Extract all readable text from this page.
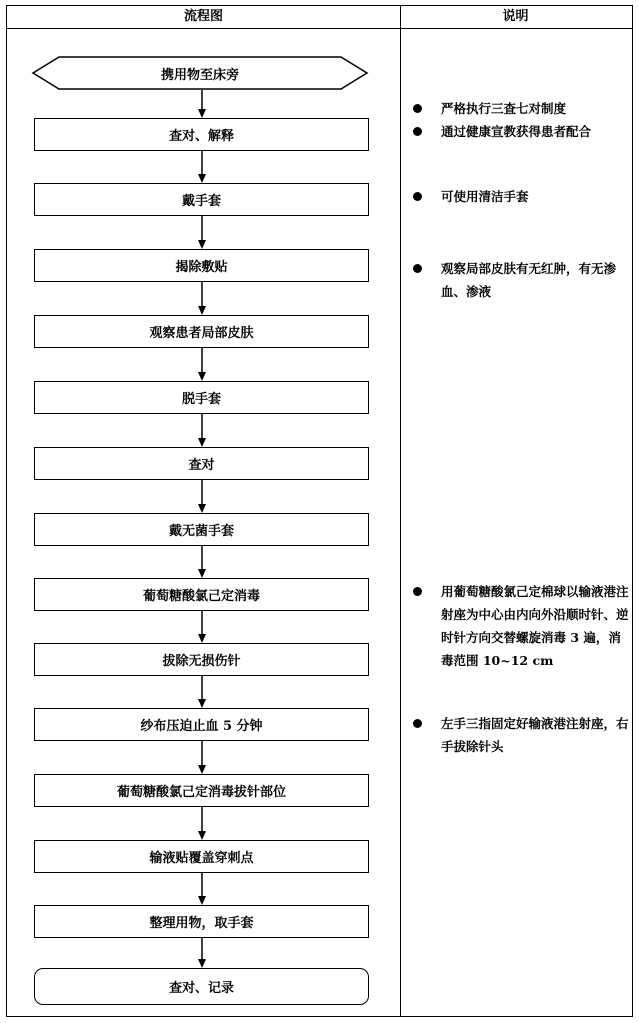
流程图	说明
携用物至床旁
查对、解释
戴手套
揭除敷贴
观察患者局部皮肤
脱手套
查对
戴无菌手套
葡萄糖酸氯己定消毒
拔除无损伤针
纱布压迫止血 5 分钟
葡萄糖酸氯己定消毒拔针部位
输液贴覆盖穿刺点
整理用物，取手套
查对、记录
严格执行三查七对制度
通过健康宣教获得患者配合
可使用清洁手套
观察局部皮肤有无红肿，有无渗血、渗液
用葡萄糖酸氯己定棉球以输液港注射座为中心由内向外沿顺时针、逆时针方向交替螺旋消毒 3 遍，消毒范围 10~12 cm
左手三指固定好输液港注射座，右手拔除针头
